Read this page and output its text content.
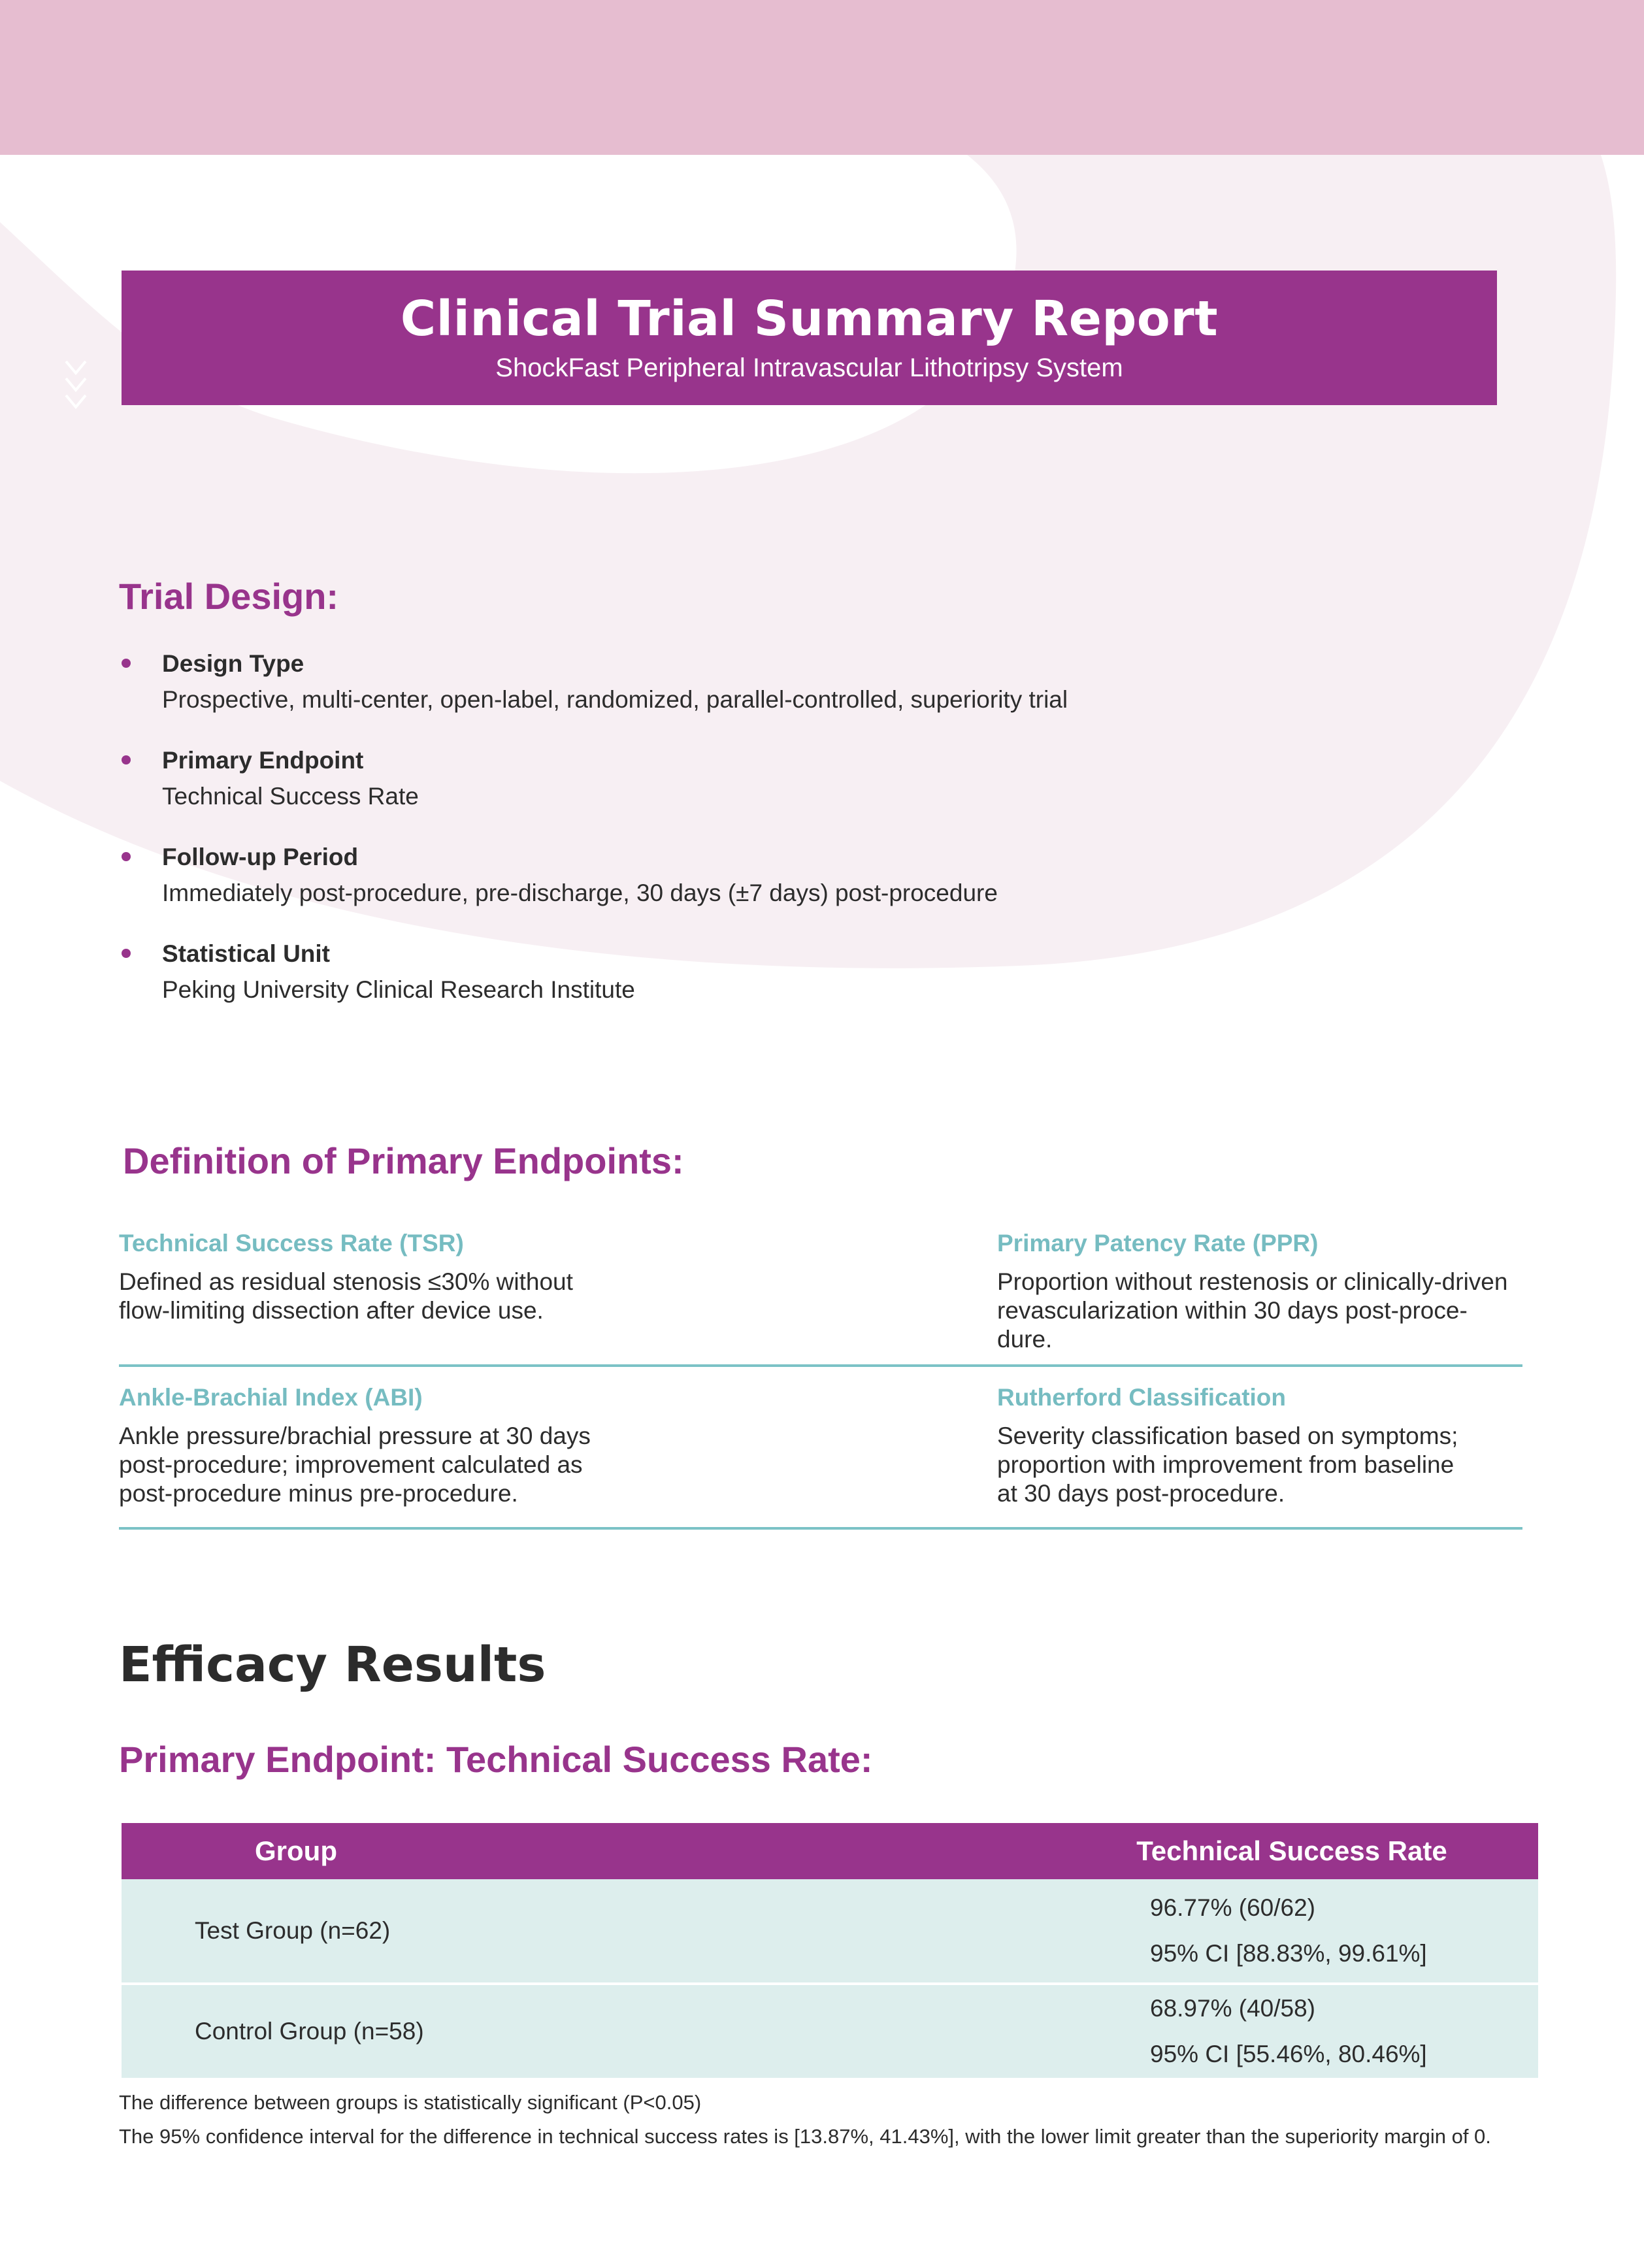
Clinical Trial Summary Report
ShockFast Peripheral Intravascular Lithotripsy System
Trial Design:
Design Type
Prospective, multi-center, open-label, randomized, parallel-controlled, superiority trial
Primary Endpoint
Technical Success Rate
Follow-up Period
Immediately post-procedure, pre-discharge, 30 days (±7 days) post-procedure
Statistical Unit
Peking University Clinical Research Institute
Definition of Primary Endpoints:
Technical Success Rate (TSR)
Defined as residual stenosis ≤30% without
flow-limiting dissection after device use.
Primary Patency Rate (PPR)
Proportion without restenosis or clinically-driven
revascularization within 30 days post-proce-
dure.
Ankle-Brachial Index (ABI)
Ankle pressure/brachial pressure at 30 days
post-procedure; improvement calculated as
post-procedure minus pre-procedure.
Rutherford Classification
Severity classification based on symptoms;
proportion with improvement from baseline
at 30 days post-procedure.
Efficacy Results
Primary Endpoint: Technical Success Rate:
Group	Technical Success Rate
Test Group (n=62)	96.77% (60/62)
95% CI [88.83%, 99.61%]

Control Group (n=58)	68.97% (40/58)
95% CI [55.46%, 80.46%]
The difference between groups is statistically significant (P<0.05)
The 95% confidence interval for the difference in technical success rates is [13.87%, 41.43%], with the lower limit greater than the superiority margin of 0.
